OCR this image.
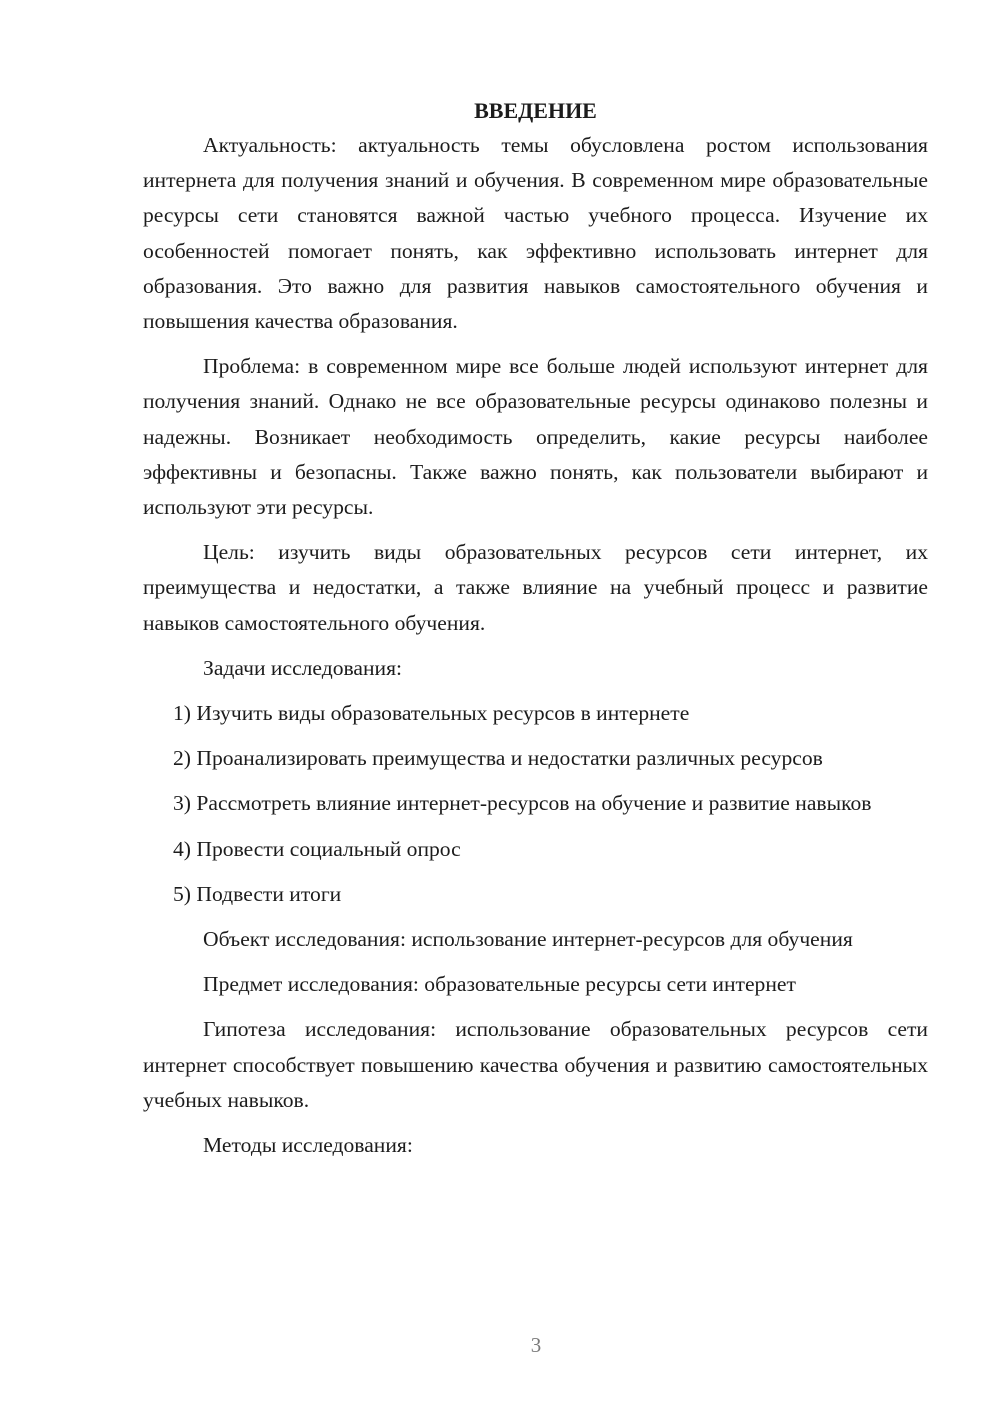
ВВЕДЕНИЕ

Актуальность: актуальность темы обусловлена ростом использования интернета для получения знаний и обучения. В современном мире образовательные ресурсы сети становятся важной частью учебного процесса. Изучение их особенностей помогает понять, как эффективно использовать интернет для образования. Это важно для развития навыков самостоятельного обучения и повышения качества образования.

Проблема: в современном мире все больше людей используют интернет для получения знаний. Однако не все образовательные ресурсы одинаково полезны и надежны. Возникает необходимость определить, какие ресурсы наиболее эффективны и безопасны. Также важно понять, как пользователи выбирают и используют эти ресурсы.

Цель: изучить виды образовательных ресурсов сети интернет, их преимущества и недостатки, а также влияние на учебный процесс и развитие навыков самостоятельного обучения.

Задачи исследования:

1) Изучить виды образовательных ресурсов в интернете

2) Проанализировать преимущества и недостатки различных ресурсов

3) Рассмотреть влияние интернет-ресурсов на обучение и развитие навыков

4) Провести социальный опрос

5) Подвести итоги

Объект исследования: использование интернет-ресурсов для обучения

Предмет исследования: образовательные ресурсы сети интернет

Гипотеза исследования: использование образовательных ресурсов сети интернет способствует повышению качества обучения и развитию самостоятельных учебных навыков.

Методы исследования:

3
